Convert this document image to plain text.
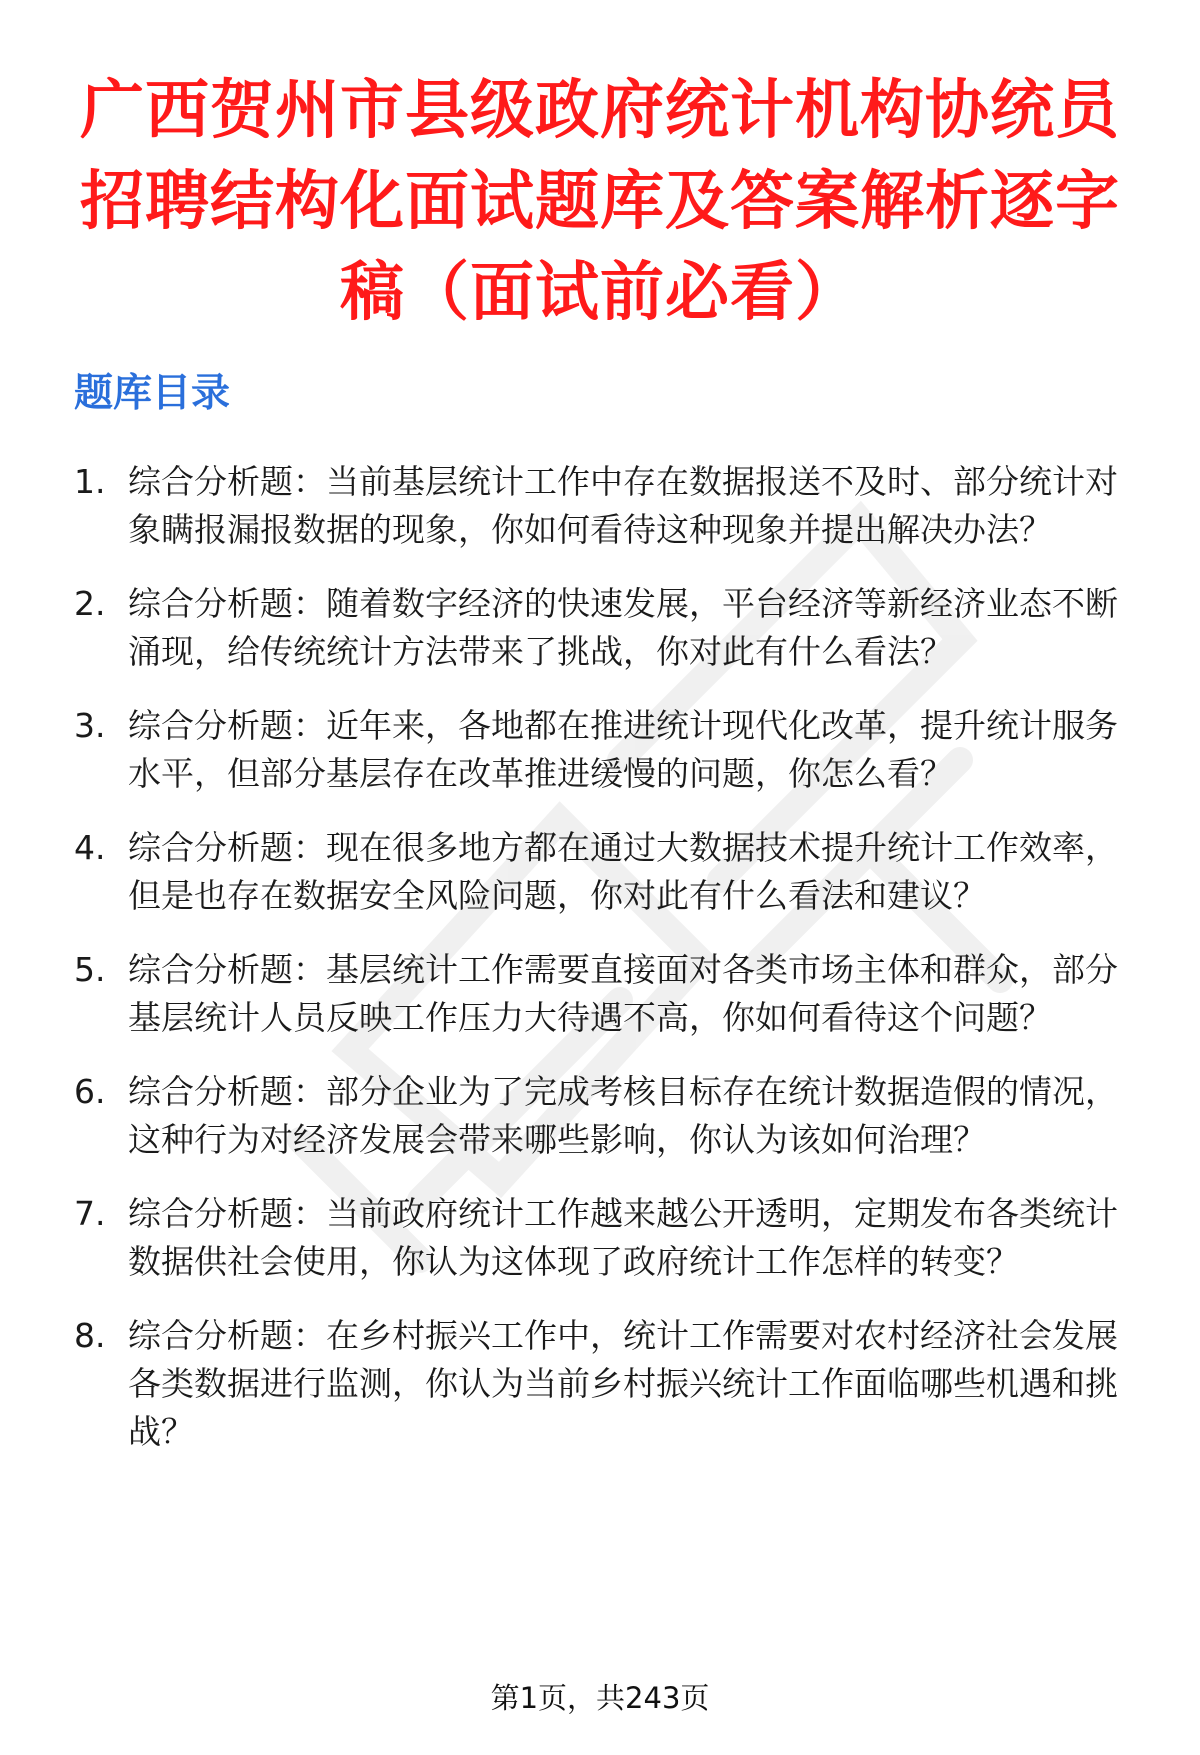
广西贺州市县级政府统计机构协统员招聘结构化面试题库及答案解析逐字稿（面试前必看）
题库目录
1. 综合分析题：当前基层统计工作中存在数据报送不及时、部分统计对象瞒报漏报数据的现象，你如何看待这种现象并提出解决办法？
2. 综合分析题：随着数字经济的快速发展，平台经济等新经济业态不断涌现，给传统统计方法带来了挑战，你对此有什么看法？
3. 综合分析题：近年来，各地都在推进统计现代化改革，提升统计服务水平，但部分基层存在改革推进缓慢的问题，你怎么看？
4. 综合分析题：现在很多地方都在通过大数据技术提升统计工作效率，但是也存在数据安全风险问题，你对此有什么看法和建议？
5. 综合分析题：基层统计工作需要直接面对各类市场主体和群众，部分基层统计人员反映工作压力大待遇不高，你如何看待这个问题？
6. 综合分析题：部分企业为了完成考核目标存在统计数据造假的情况，这种行为对经济发展会带来哪些影响，你认为该如何治理？
7. 综合分析题：当前政府统计工作越来越公开透明，定期发布各类统计数据供社会使用，你认为这体现了政府统计工作怎样的转变？
8. 综合分析题：在乡村振兴工作中，统计工作需要对农村经济社会发展各类数据进行监测，你认为当前乡村振兴统计工作面临哪些机遇和挑战？

第1页，共243页
